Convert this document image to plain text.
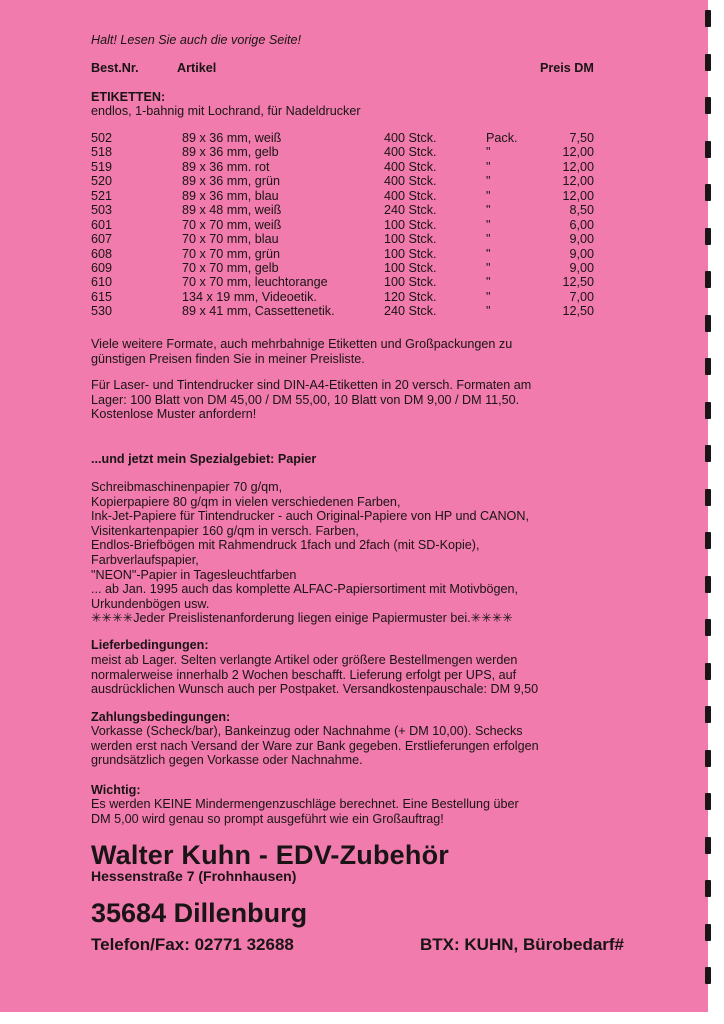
Halt! Lesen Sie auch die vorige Seite!
Best.Nr.	Artikel	Preis DM
ETIKETTEN:
endlos, 1-bahnig mit Lochrand, für Nadeldrucker
502	89 x 36 mm, weiß	400 Stck.	Pack.	7,50
518	89 x 36 mm, gelb	400 Stck.	"	12,00
519	89 x 36 mm. rot	400 Stck.	"	12,00
520	89 x 36 mm, grün	400 Stck.	"	12,00
521	89 x 36 mm, blau	400 Stck.	"	12,00
503	89 x 48 mm, weiß	240 Stck.	"	8,50
601	70 x 70 mm, weiß	100 Stck.	"	6,00
607	70 x 70 mm, blau	100 Stck.	"	9,00
608	70 x 70 mm, grün	100 Stck.	"	9,00
609	70 x 70 mm, gelb	100 Stck.	"	9,00
610	70 x 70 mm, leuchtorange	100 Stck.	"	12,50
615	134 x 19 mm, Videoetik.	120 Stck.	"	7,00
530	89 x 41 mm, Cassettenetik.	240 Stck.	"	12,50
Viele weitere Formate, auch mehrbahnige Etiketten und Großpackungen zu
günstigen Preisen finden Sie in meiner Preisliste.
Für Laser- und Tintendrucker sind DIN-A4-Etiketten in 20 versch. Formaten am
Lager: 100 Blatt von DM 45,00 / DM 55,00, 10 Blatt von DM 9,00 / DM 11,50.
Kostenlose Muster anfordern!
...und jetzt mein Spezialgebiet: Papier
Schreibmaschinenpapier 70 g/qm,
Kopierpapiere 80 g/qm in vielen verschiedenen Farben,
Ink-Jet-Papiere für Tintendrucker - auch Original-Papiere von HP und CANON,
Visitenkartenpapier 160 g/qm in versch. Farben,
Endlos-Briefbögen mit Rahmendruck 1fach und 2fach (mit SD-Kopie),
Farbverlaufspapier,
"NEON"-Papier in Tagesleuchtfarben
... ab Jan. 1995 auch das komplette ALFAC-Papiersortiment mit Motivbögen,
Urkundenbögen usw.
✳✳✳✳Jeder Preislistenanforderung liegen einige Papiermuster bei.✳✳✳✳
Lieferbedingungen:
meist ab Lager. Selten verlangte Artikel oder größere Bestellmengen werden
normalerweise innerhalb 2 Wochen beschafft. Lieferung erfolgt per UPS, auf
ausdrücklichen Wunsch auch per Postpaket. Versandkostenpauschale: DM 9,50
Zahlungsbedingungen:
Vorkasse (Scheck/bar), Bankeinzug oder Nachnahme (+ DM 10,00). Schecks
werden erst nach Versand der Ware zur Bank gegeben. Erstlieferungen erfolgen
grundsätzlich gegen Vorkasse oder Nachnahme.
Wichtig:
Es werden KEINE Mindermengenzuschläge berechnet. Eine Bestellung über
DM 5,00 wird genau so prompt ausgeführt wie ein Großauftrag!
Walter Kuhn - EDV-Zubehör
Hessenstraße 7 (Frohnhausen)
35684 Dillenburg
Telefon/Fax: 02771 32688	BTX: KUHN, Bürobedarf#
